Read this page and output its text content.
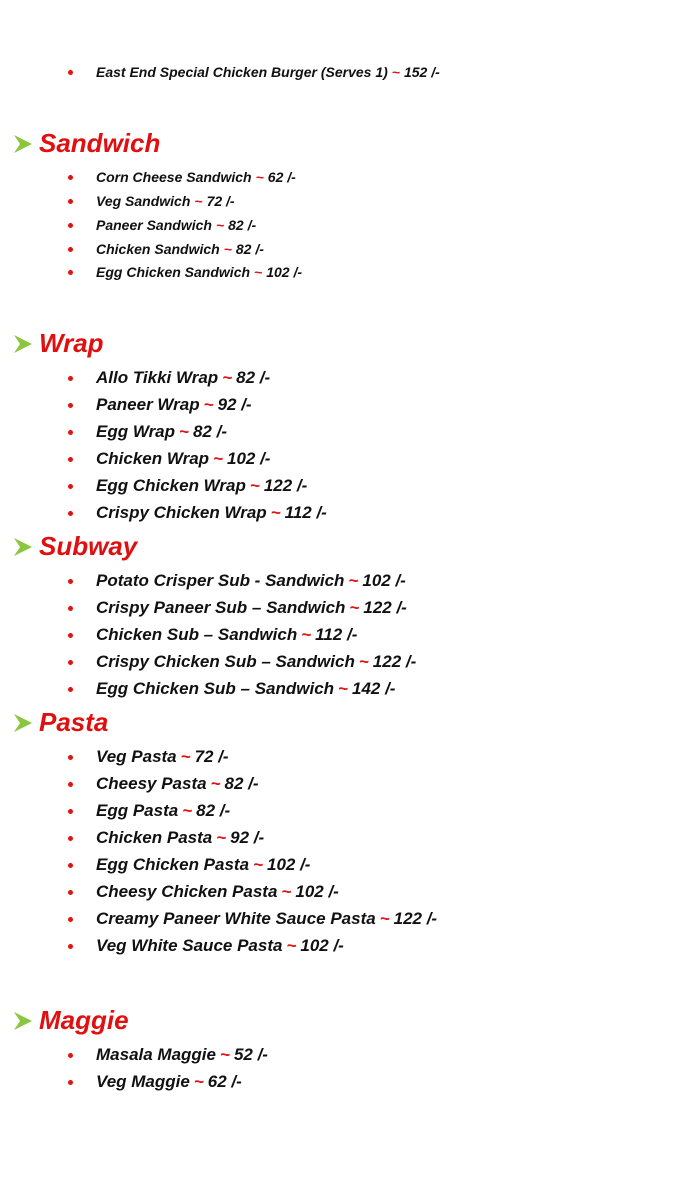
East End Special Chicken Burger (Serves 1) ~ 152 /-
Sandwich
Corn Cheese Sandwich ~ 62 /-
Veg Sandwich ~ 72 /-
Paneer Sandwich ~ 82 /-
Chicken Sandwich ~ 82 /-
Egg Chicken Sandwich ~ 102 /-
Wrap
Allo Tikki Wrap ~ 82 /-
Paneer Wrap ~ 92 /-
Egg Wrap ~ 82 /-
Chicken Wrap ~ 102 /-
Egg Chicken Wrap ~ 122 /-
Crispy Chicken Wrap ~ 112 /-
Subway
Potato Crisper Sub - Sandwich ~ 102 /-
Crispy Paneer Sub – Sandwich ~ 122 /-
Chicken Sub – Sandwich ~ 112 /-
Crispy Chicken Sub – Sandwich ~ 122 /-
Egg Chicken Sub – Sandwich ~ 142 /-
Pasta
Veg Pasta ~ 72 /-
Cheesy Pasta ~ 82 /-
Egg Pasta ~ 82 /-
Chicken Pasta ~ 92 /-
Egg Chicken Pasta ~ 102 /-
Cheesy Chicken Pasta ~ 102 /-
Creamy Paneer White Sauce Pasta ~ 122 /-
Veg White Sauce Pasta ~ 102 /-
Maggie
Masala Maggie ~ 52 /-
Veg Maggie ~ 62 /-
